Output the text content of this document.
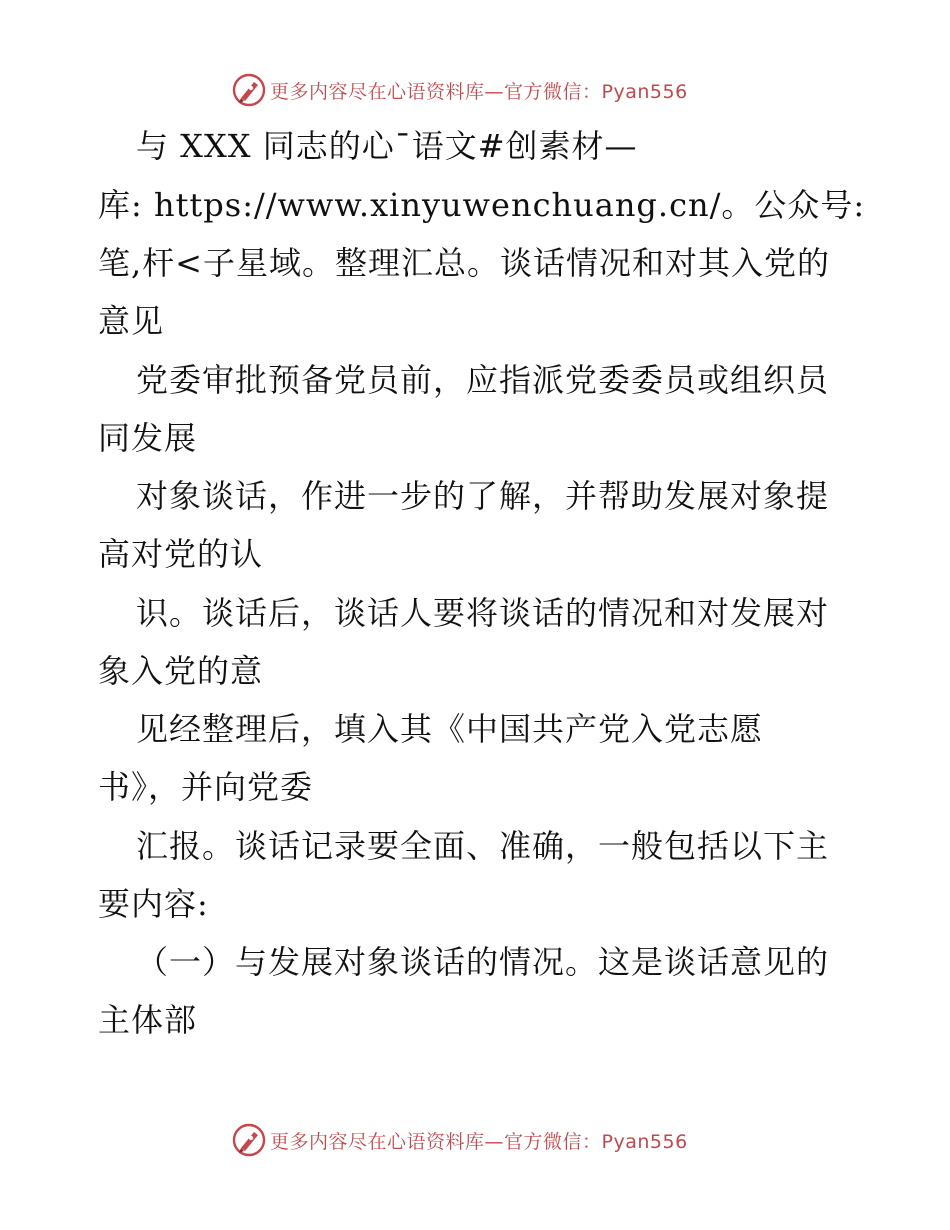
更多内容尽在心语资料库—官方微信：Pyan556
与 XXX 同志的心¯语文#创素材—
库: https://www.xinyuwenchuang.cn/。公众号:
笔,杆<子星域。整理汇总。谈话情况和对其入党的
意见
党委审批预备党员前，应指派党委委员或组织员
同发展
对象谈话，作进一步的了解，并帮助发展对象提
高对党的认
识。谈话后，谈话人要将谈话的情况和对发展对
象入党的意
见经整理后，填入其《中国共产党入党志愿
书》，并向党委
汇报。谈话记录要全面、准确，一般包括以下主
要内容:
（一）与发展对象谈话的情况。这是谈话意见的
主体部
更多内容尽在心语资料库—官方微信：Pyan556
